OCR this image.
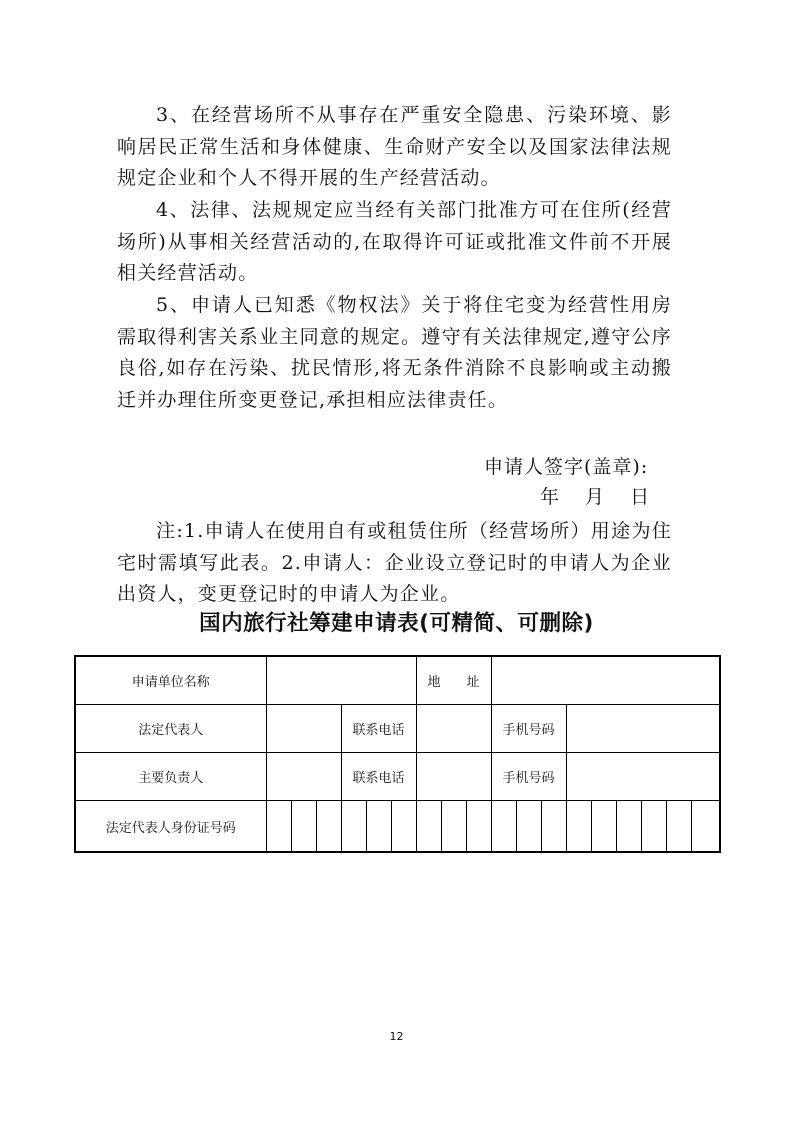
3、在经营场所不从事存在严重安全隐患、污染环境、影响居民正常生活和身体健康、生命财产安全以及国家法律法规规定企业和个人不得开展的生产经营活动。

4、法律、法规规定应当经有关部门批准方可在住所(经营场所)从事相关经营活动的,在取得许可证或批准文件前不开展相关经营活动。

5、申请人已知悉《物权法》关于将住宅变为经营性用房需取得利害关系业主同意的规定。遵守有关法律规定,遵守公序良俗,如存在污染、扰民情形,将无条件消除不良影响或主动搬迁并办理住所变更登记,承担相应法律责任。

申请人签字(盖章):
年 月 日

注:1.申请人在使用自有或租赁住所（经营场所）用途为住宅时需填写此表。2.申请人：企业设立登记时的申请人为企业出资人，变更登记时的申请人为企业。

国内旅行社筹建申请表(可精简、可删除)
申请单位名称							地　　址											
法定代表人				联系电话						手机号码								
主要负责人				联系电话						手机号码								
法定代表人身份证号码																		
12
